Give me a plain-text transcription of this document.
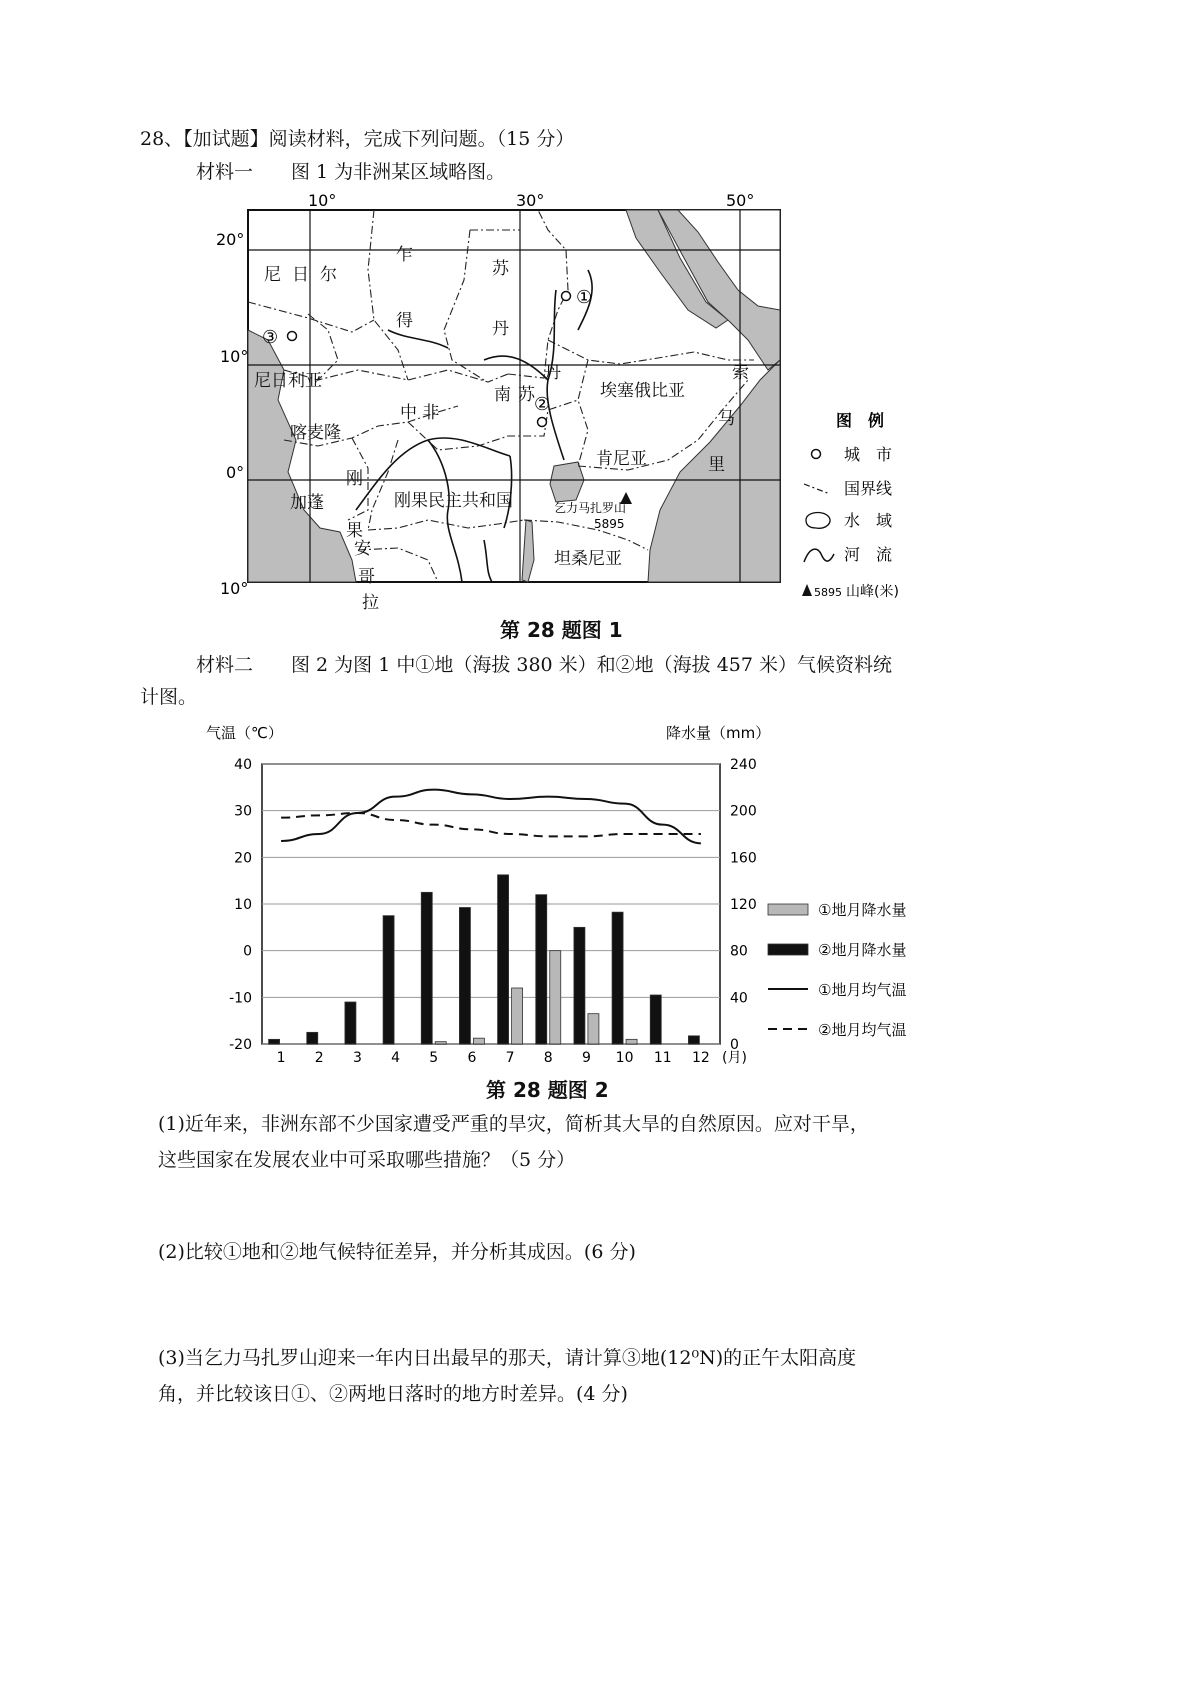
28、【加试题】阅读材料，完成下列问题。（15 分）
材料一　　图 1 为非洲某区域略图。
10°	30°	50°
20°
10°
0°
10°
①
②
③
乞力马扎罗山
5895
尼 日 尔
乍
得
苏
丹
尼日利亚
中 非
南 苏
丹
埃塞俄比亚
索
马
里
喀麦隆
加蓬
刚
果
刚果民主共和国
肯尼亚
安
哥
拉
坦桑尼亚
图　例
城　市
国界线
水　域
河　流
5895 山峰(米)
第 28 题图 1
材料二　　图 2 为图 1 中①地（海拔 380 米）和②地（海拔 457 米）气候资料统
计图。
气温（℃）	降水量（mm）
40
30
20
10
0
-10
-20
240
200
160
120
80
40
0
1 2 3 4 5 6 7 8 9 10 11 12 (月)
①地月降水量
②地月降水量
①地月均气温
②地月均气温
第 28 题图 2
(1)近年来，非洲东部不少国家遭受严重的旱灾，简析其大旱的自然原因。应对干旱，
这些国家在发展农业中可采取哪些措施？（5 分）
(2)比较①地和②地气候特征差异，并分析其成因。(6 分)
(3)当乞力马扎罗山迎来一年内日出最早的那天，请计算③地(12⁰N)的正午太阳高度
角，并比较该日①、②两地日落时的地方时差异。(4 分)
